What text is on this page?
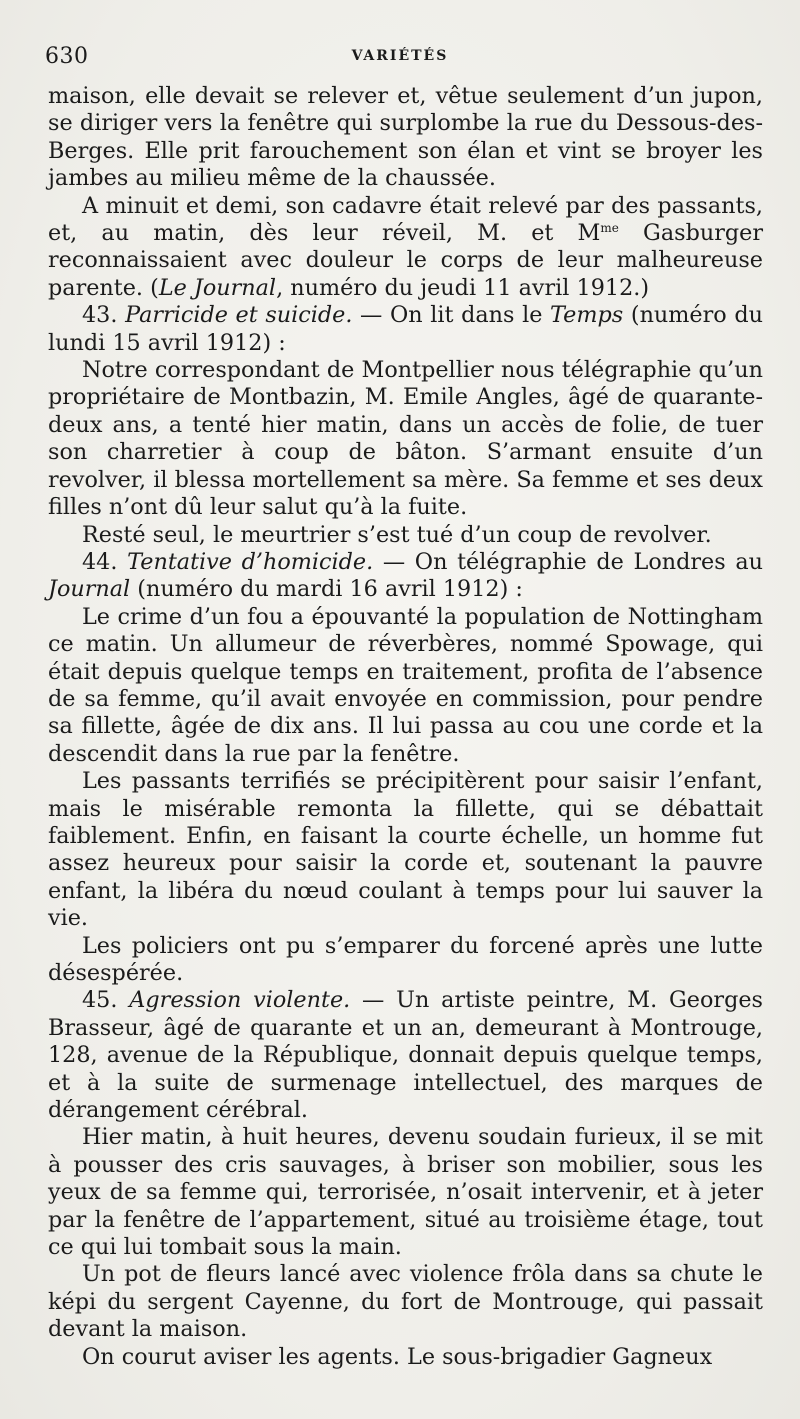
630	VARIÉTÉS

maison, elle devait se relever et, vêtue seulement d’un jupon, se diriger vers la fenêtre qui surplombe la rue du Dessous-des-Berges. Elle prit farouchement son élan et vint se broyer les jambes au milieu même de la chaussée.

A minuit et demi, son cadavre était relevé par des passants, et, au matin, dès leur réveil, M. et $M^{me}$ Gasburger reconnaissaient avec douleur le corps de leur malheureuse parente. (Le Journal, numéro du jeudi 11 avril 1912.)

43. Parricide et suicide. — On lit dans le Temps (numéro du lundi 15 avril 1912) :

Notre correspondant de Montpellier nous télégraphie qu’un propriétaire de Montbazin, M. Emile Angles, âgé de quarante-deux ans, a tenté hier matin, dans un accès de folie, de tuer son charretier à coup de bâton. S’armant ensuite d’un revolver, il blessa mortellement sa mère. Sa femme et ses deux filles n’ont dû leur salut qu’à la fuite.

Resté seul, le meurtrier s’est tué d’un coup de revolver.

44. Tentative d’homicide. — On télégraphie de Londres au Journal (numéro du mardi 16 avril 1912) :

Le crime d’un fou a épouvanté la population de Nottingham ce matin. Un allumeur de réverbères, nommé Spowage, qui était depuis quelque temps en traitement, profita de l’absence de sa femme, qu’il avait envoyée en commission, pour pendre sa fillette, âgée de dix ans. Il lui passa au cou une corde et la descendit dans la rue par la fenêtre.

Les passants terrifiés se précipitèrent pour saisir l’enfant, mais le misérable remonta la fillette, qui se débattait faiblement. Enfin, en faisant la courte échelle, un homme fut assez heureux pour saisir la corde et, soutenant la pauvre enfant, la libéra du nœud coulant à temps pour lui sauver la vie.

Les policiers ont pu s’emparer du forcené après une lutte désespérée.

45. Agression violente. — Un artiste peintre, M. Georges Brasseur, âgé de quarante et un an, demeurant à Montrouge, 128, avenue de la République, donnait depuis quelque temps, et à la suite de surmenage intellectuel, des marques de dérangement cérébral.

Hier matin, à huit heures, devenu soudain furieux, il se mit à pousser des cris sauvages, à briser son mobilier, sous les yeux de sa femme qui, terrorisée, n’osait intervenir, et à jeter par la fenêtre de l’appartement, situé au troisième étage, tout ce qui lui tombait sous la main.

Un pot de fleurs lancé avec violence frôla dans sa chute le képi du sergent Cayenne, du fort de Montrouge, qui passait devant la maison.

On courut aviser les agents. Le sous-brigadier Gagneux
